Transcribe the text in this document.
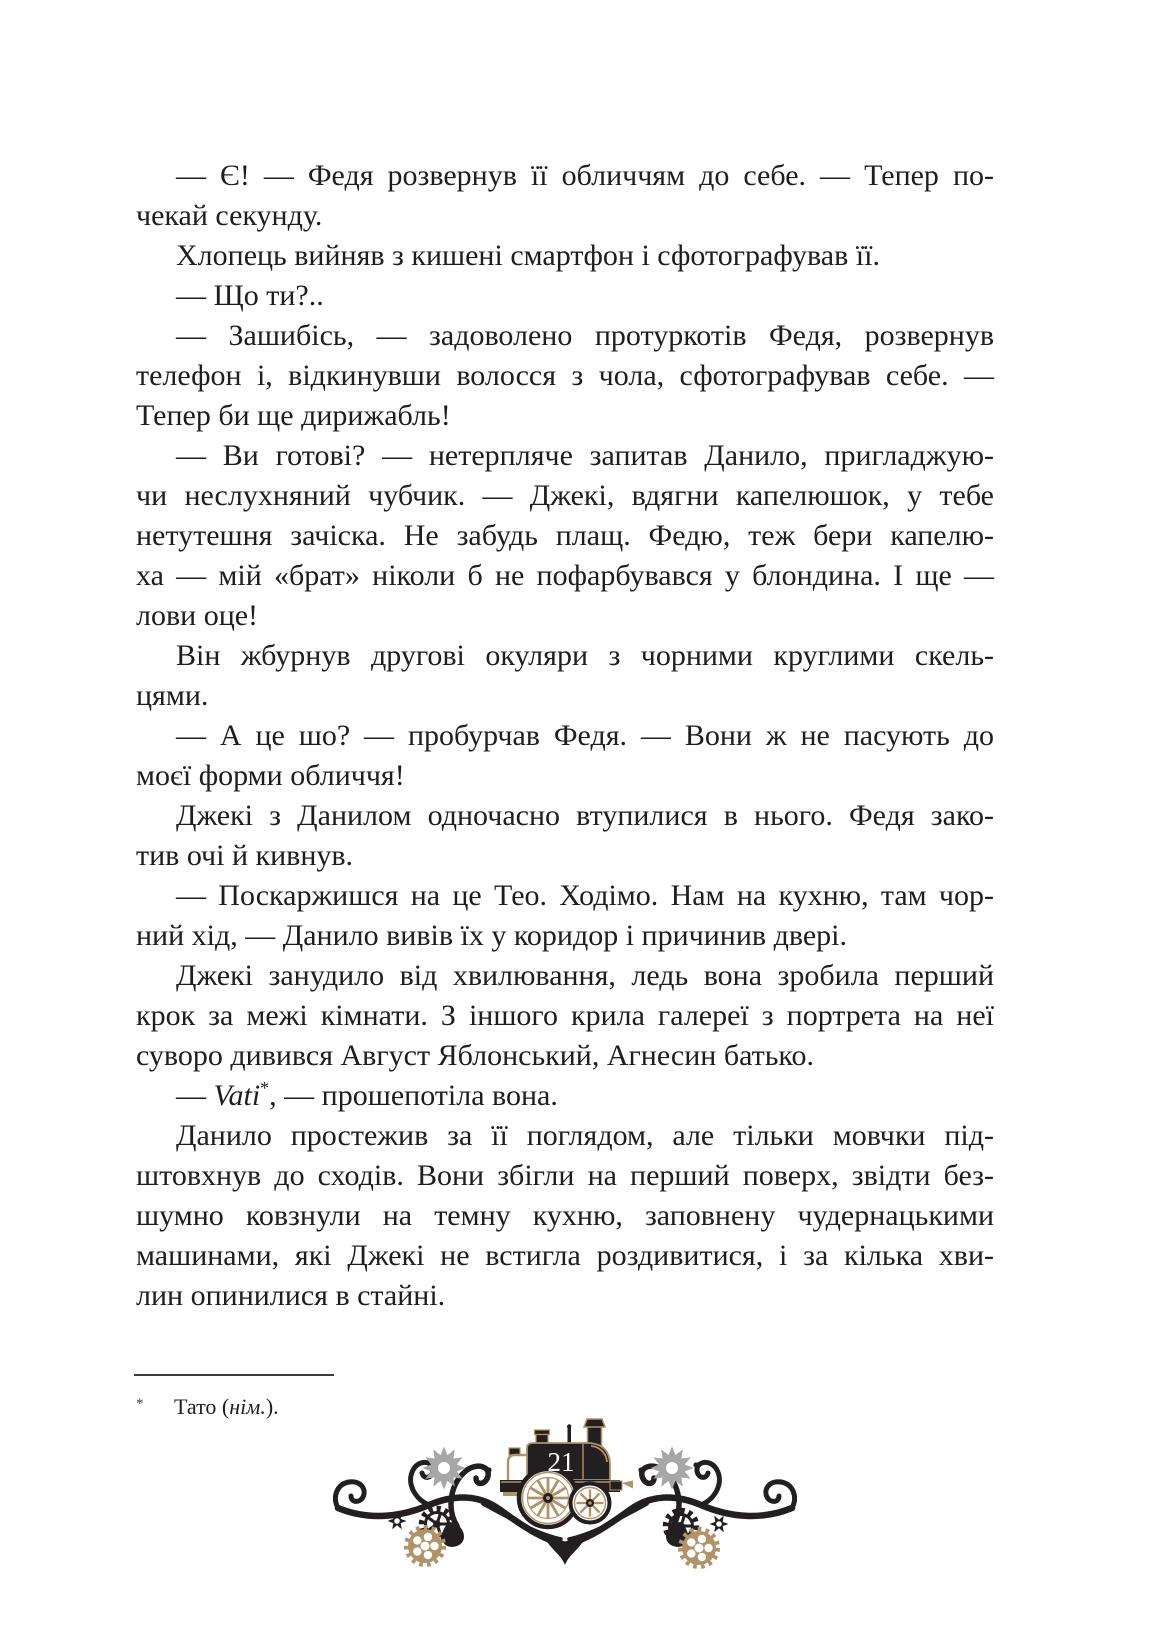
— Є! — Федя розвернув її обличчям до себе. — Тепер по-
чекай секунду.
Хлопець вийняв з кишені смартфон і сфотографував її.
— Що ти?..
— Зашибісь, — задоволено протуркотів Федя, розвернув
телефон і, відкинувши волосся з чола, сфотографував себе. —
Тепер би ще дирижабль!
— Ви готові? — нетерпляче запитав Данило, пригладжую-
чи неслухняний чубчик. — Джекі, вдягни капелюшок, у тебе
нетутешня зачіска. Не забудь плащ. Федю, теж бери капелю-
ха — мій «брат» ніколи б не пофарбувався у блондина. І ще —
лови оце!
Він жбурнув другові окуляри з чорними круглими скель-
цями.
— А це шо? — пробурчав Федя. — Вони ж не пасують до
моєї форми обличчя!
Джекі з Данилом одночасно втупилися в нього. Федя зако-
тив очі й кивнув.
— Поскаржишся на це Тео. Ходімо. Нам на кухню, там чор-
ний хід, — Данило вивів їх у коридор і причинив двері.
Джекі занудило від хвилювання, ледь вона зробила перший
крок за межі кімнати. З іншого крила галереї з портрета на неї
суворо дивився Август Яблонський, Агнесин батько.
— Vati*, — прошепотіла вона.
Данило простежив за її поглядом, але тільки мовчки під-
штовхнув до сходів. Вони збігли на перший поверх, звідти без-
шумно ковзнули на темну кухню, заповнену чудернацькими
машинами, які Джекі не встигла роздивитися, і за кілька хви-
лин опинилися в стайні.
* Тато (нім.).
21
